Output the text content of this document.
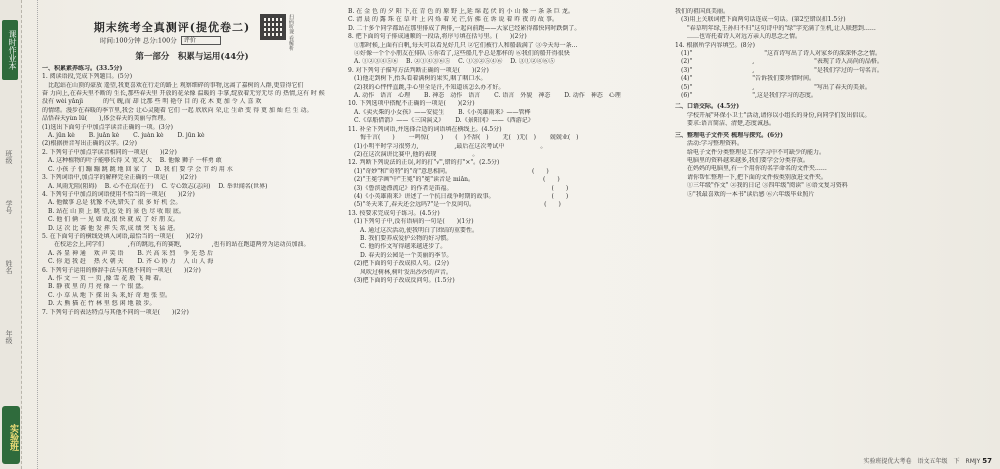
课时作业本
班级
学号
姓名
年级
实验班
扫码听课 看解析
期末统考全真测评(提优卷二)
时间:100分钟 总分:100分 评价
第一部分　积累与运用(44分)
一、积累素养练习。(33.5分)
1. 阅读语段,完成下列题目。(5分)
　比起站在山顶的豪放 遥望,我更喜欢在行走的路上 观察细碎的事物,远离了嘉树的人群,更显得它们
奋 力向上,在春天里不断的 生长,那些春天里 开放的花朵像 温暖的 手掌,绽放着无穷无尽 的 热情,这有 时 候
没有 wèi yǎnjì　　　 的气 魄,而 却 比那 些 明 艳夺 目 的 花 木 更 加 令 人 喜 欢
的情绪。漫步在春暖的季节里,我会 让心灵随着 它们 一起 欣欣向 荣,让 生命 变 得 更 加 灿 烂 生 动。
品悟春天yùn lǜ(　　),体会春天的美丽与哲理。
(1)选出下面句子中加点字读音正确的一项。(3分)
　A. jūn kè　　 B. juǎn kè　　 C. juàn kè　　 D. jūn kè
(2)根据拼音写出正确的汉字。(2分)
2. 下列句子中加点字读音相同的一项是(　　)(2分)
　A. 这种植物的叶子能够长得 又 宽又 大　 B. 他像 狮子 一样勇 敢
　C. 小孩 子 们 蹦 蹦 跳 跳 地 回 家 了　 D. 我 们 要 学 会 节 约 用 水
3. 下列词语中,加点字的解释完全正确的一项是(　　)(2分)
　A. 风雨无阻(阻碍)　 B. 心不在焉(在于)　 C. 专心致志(志向)　 D. 举世闻名(世界)
4. 下列句子中加点的词语使用不恰当的一项是(　　)(2分)
　A. 他做事 总是 犹豫 不决,错失了 很 多 好 机 会。
　B. 站在 山 顶 上 眺 望,远 处 的 景 色 尽 收 眼 底。
　C. 他 们 俩 一 见 如 故,很 快 就 成 了 好 朋 友。
　D. 这 次 比 赛 他 发 挥 失 常,成 绩 突 飞 猛 进。
5. 在下面句子的横线处填入词语,最恰当的一项是(　　)(2分)
　　在校运会上,同学们　　　　,有的跳远,有的赛跑,　　　　　,也有的站在跑道两旁为运动员加油。
　A. 各 显 神 通　 欢 声 笑 语　　 B. 兴 高 采 烈　 争 先 恐 后
　C. 你 追 我 赶　 热 火 朝 天　　 D. 齐 心 协 力　 人 山 人 海
6. 下列句子运用的修辞手法与其他不同的一项是(　　)(2分)
　A. 作 文 一 页 一 页 ,像 雪 花 般 飞 舞 着。
　B. 静 夜 里 的 月 亮 像 一 个 银 盘。
　C. 小 草 从 地 下 探 出 头 来,好 奇 地 张 望。
　D. 大 熊 猫 在 竹 林 里 悠 闲 地 散 步。
7. 下列句子的表达特点与其他不同的一项是(　　)(2分)
B. 在 金 色 的 夕 阳 下,在 青 色 的 原 野 上,延 绵 起 伏 的 小 山 像 一 条 条 巨 龙。
C. 清 晨 的 露 珠 在 草 叶 上 闪 烁 着 光 芒,仿 佛 在 诉 说 着 昨 夜 的 故 事。
D. 二十多个同学都站在那里排成了两排,一起向前跑——大家已经累得都快同时跌倒了。
8. 把下面的句子排成通顺的一段话,将序号填在括号里。(　　)(2分)
　①那时候,上面有白帆,每天可以看见好几只 ②它们被行人和船载满了 ③今天每一条…
　④好像一个个小朋友在排队 ⑤你看了,这些船几乎总是那样的 ⑥我们的船开得很快
　A. ①②③④⑤⑥　 B. ②①④③⑥⑤　 C. ①③②⑤④⑥　 D. ③①②④⑥⑤
9. 对下列句子描写方法判断正确的一项是(　　)(2分)
　(1)他走到树下,抬头看着满树的果实,咽了咽口水。
　(2)我的心怦怦直跳,手心里全是汗,不知道该怎么办才好。
　A. 动作　语言　心理　　 B. 神态　动作　语言　　 C. 语言　外貌　神态　　 D. 动作　神态　心理
10. 下列选项中搭配不正确的一项是(　　)(2分)
　A.《卖火柴的小女孩》——安徒生　　 B.《小英雄雨来》——管桦
　C.《草船借箭》——《三国演义》　　 D.《景阳冈》——《西游记》
11. 补全下列词语,并选择合适的词语填在横线上。(4.5分)
　　悔千言(　　)　　 一鸣惊(　　)　　(　)不辞(　)　　 无(　)无(　)　　 兢兢业(　)
　(1)小明平时学习很努力,　　　　　　,最后在这次考试中　　　　　　。
　(2)在这次演讲比赛中,他的表现　　　　　　。
12. 判断下列说法的正误,对的打"√",错的打"×"。(2.5分)
　(1)"奇妙"和"奇特"的"奇"意思相同。　　　　　　　　　　　　　　(　　)
　(2)"王冕学画"中"王冕"的"冕"读音是 miǎn。　　　　　　　　　　　　(　　)
　(3)《鲁滨逊漂流记》的作者是笛福。　　　　　　　　　　　　　　　　　(　　)
　(4)《小英雄雨来》讲述了一个抗日战争时期的故事。　　　　　　　　　　(　　)
　(5)"冬天来了,春天还会远吗?"是一个反问句。　　　　　　　　　　　　(　　)
13. 按要求完成句子练习。(4.5分)
　(1)下列句子中,没有语病的一句是(　　)(1分)
　　A. 通过这次活动,使我明白了团结的重要性。
　　B. 我们要养成爱护公物的好习惯。
　　C. 他的作文写得越来越进步了。
　　D. 春天的公园是一个美丽的季节。
　(2)把下面的句子改成拟人句。(2分)
　　风吹过树林,树叶发出沙沙的声音。
　(3)把下面的句子改成反问句。(1.5分)
我们的祖国真美丽。
　(3)用上关联词把下面两句话连成一句话。(第2空错误扣1.5分)
　　"春草明年绿,王孙归不归"这句诗中的"绿"字充满了生机,让人联想到……
　　……也寄托着诗人对远方亲人的思念之情。
14. 根据所学内容填空。(8分)
　(1)"　　　　　　　　　　　　"这首诗写出了诗人对家乡的深深怀念之情。
　(2)"　　　　　　　　　　,　　　　　　　　　　"表现了诗人高尚的品格。
　(3)"　　　　　　　　　　,　　　　　　　　　　"是我们学过的一句名言。
　(4)"　　　　　　　　　　"告诉我们要珍惜时间。
　(5)"　　　　　　　　　　,　　　　　　　　　　"写出了春天的美景。
　(6)"　　　　　　　　　　",这是我们学习的态度。
二、口语交际。(4.5分)
　　学校开展"环保小卫士"活动,请你以小组长的身份,向同学们发出倡议。
　　要求:语言简洁、清楚,态度诚恳。
三、整理电子文件夹 梳理与探究。(6分)
　　活动:学习整理资料。
　　给电子文件分类整理是工作学习中不可缺少的能力。
　　电脑里的资料越来越多,我们要学会分类存放。
　　在妈妈的电脑里,有一个用你的名字命名的文件夹……
　　请你帮忙整理一下,把下面的文件按类别放进文件夹。
　　①三年级"作文" ②我的日记 ③四年级"阅读" ④语文复习资料
　　⑤"我最喜欢的一本书"读后感 ⑥六年级毕业照片
实验班提优大考卷　语文五年级　下　RMJY 57
